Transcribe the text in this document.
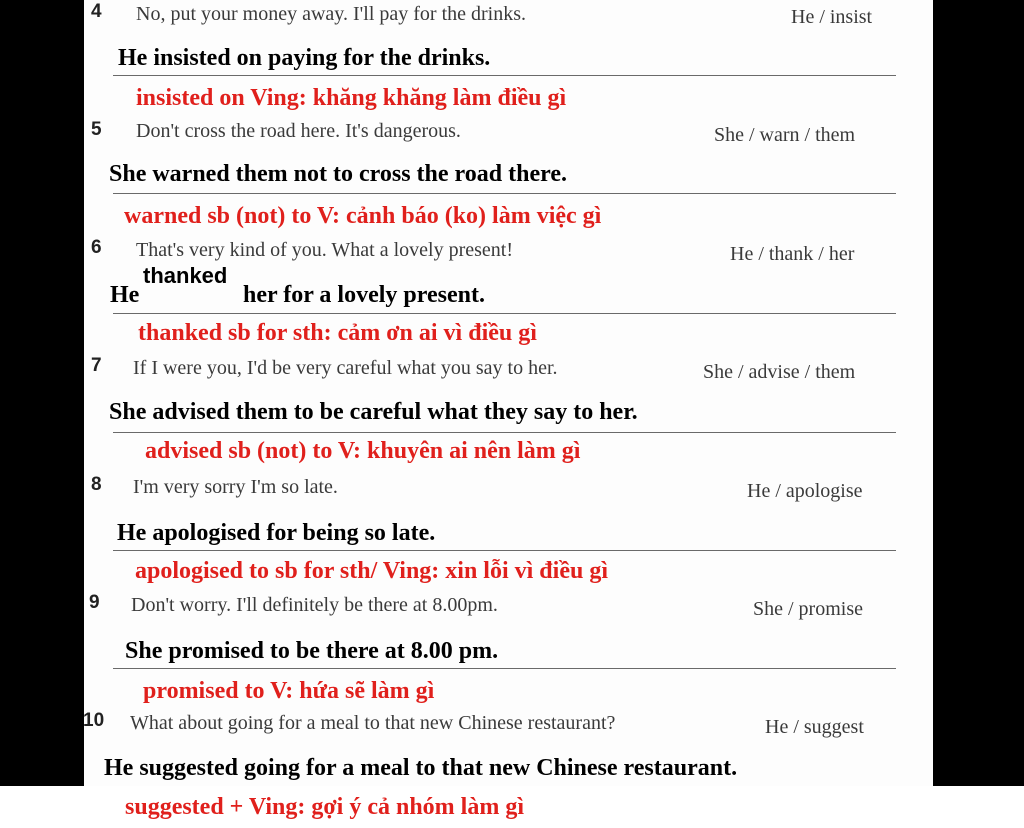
4 No, put your money away. I'll pay for the drinks.	He / insist
He insisted on paying for the drinks.
insisted on Ving: khăng khăng làm điều gì
5 Don't cross the road here. It's dangerous.	She / warn / them
She warned them not to cross the road there.
warned sb (not) to V: cảnh báo (ko) làm việc gì
6 That's very kind of you. What a lovely present!	He / thank / her
He
thanked
her for a lovely present.
thanked sb for sth: cảm ơn ai vì điều gì
7 If I were you, I'd be very careful what you say to her.	She / advise / them
She advised them to be careful what they say to her.
advised sb (not) to V: khuyên ai nên làm gì
8 I'm very sorry I'm so late.	He / apologise
He apologised for being so late.
apologised to sb for sth/ Ving: xin lỗi vì điều gì
9 Don't worry. I'll definitely be there at 8.00pm.	She / promise
She promised to be there at 8.00 pm.
promised to V: hứa sẽ làm gì
10 What about going for a meal to that new Chinese restaurant?	He / suggest
He suggested going for a meal to that new Chinese restaurant.
suggested + Ving: gợi ý cả nhóm làm gì
